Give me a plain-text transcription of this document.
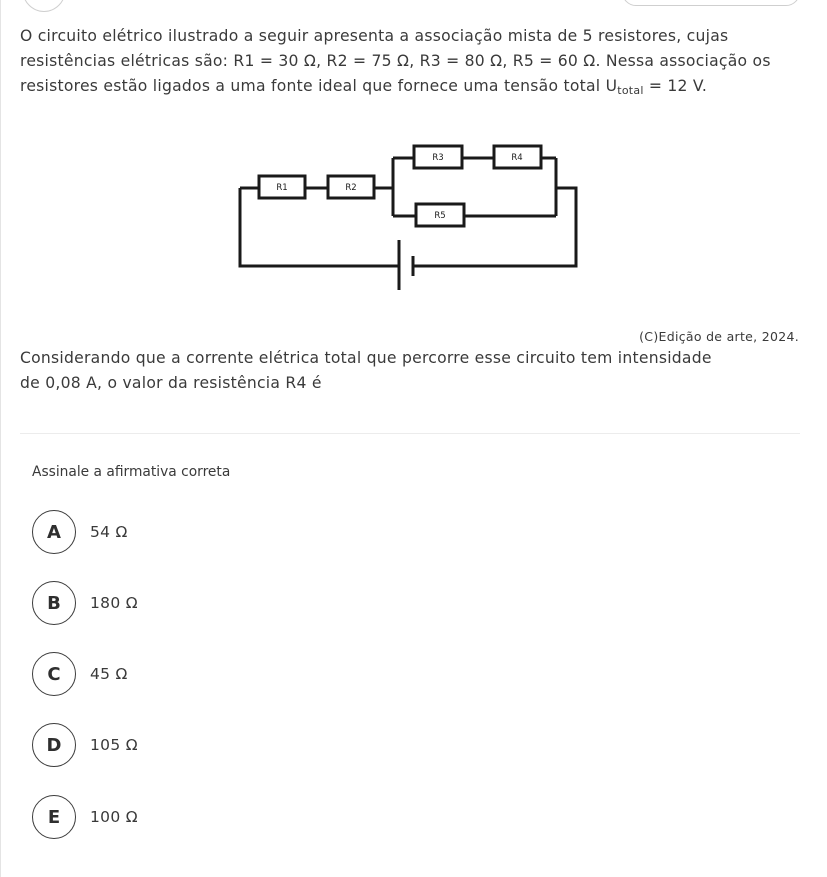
O circuito elétrico ilustrado a seguir apresenta a associação mista de 5 resistores, cujas
resistências elétricas são: R1 = 30 Ω, R2 = 75 Ω, R3 = 80 Ω, R5 = 60 Ω. Nessa associação os
resistores estão ligados a uma fonte ideal que fornece uma tensão total $U_{total} = 12$ V.
R1	R2
R3	R4
R5
(C)Edição de arte, 2024.
Considerando que a corrente elétrica total que percorre esse circuito tem intensidade
de 0,08 A, o valor da resistência R4 é
Assinale a afirmativa correta
A	54 Ω
B	180 Ω
C	45 Ω
D	105 Ω
E	100 Ω
